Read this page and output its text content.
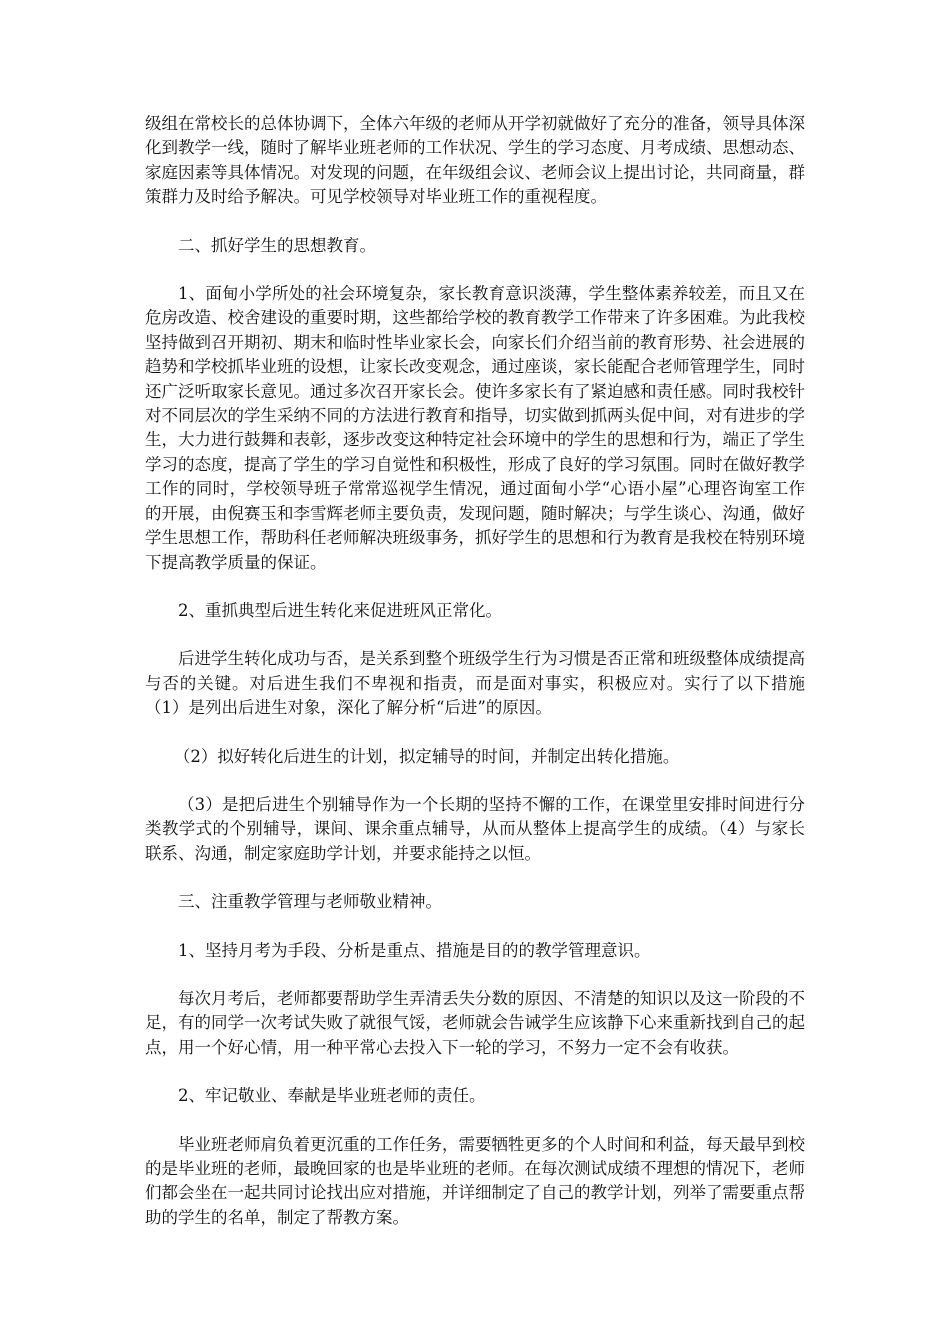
级组在常校长的总体协调下，全体六年级的老师从开学初就做好了充分的准备，领导具体深化到教学一线，随时了解毕业班老师的工作状况、学生的学习态度、月考成绩、思想动态、家庭因素等具体情况。对发现的问题，在年级组会议、老师会议上提出讨论，共同商量，群策群力及时给予解决。可见学校领导对毕业班工作的重视程度。

二、抓好学生的思想教育。

1、面甸小学所处的社会环境复杂，家长教育意识淡薄，学生整体素养较差，而且又在危房改造、校舍建设的重要时期，这些都给学校的教育教学工作带来了许多困难。为此我校坚持做到召开期初、期末和临时性毕业家长会，向家长们介绍当前的教育形势、社会进展的趋势和学校抓毕业班的设想，让家长改变观念，通过座谈，家长能配合老师管理学生，同时还广泛听取家长意见。通过多次召开家长会。使许多家长有了紧迫感和责任感。同时我校针对不同层次的学生采纳不同的方法进行教育和指导，切实做到抓两头促中间，对有进步的学生，大力进行鼓舞和表彰，逐步改变这种特定社会环境中的学生的思想和行为，端正了学生学习的态度，提高了学生的学习自觉性和积极性，形成了良好的学习氛围。同时在做好教学工作的同时，学校领导班子常常巡视学生情况，通过面甸小学“心语小屋”心理咨询室工作的开展，由倪赛玉和李雪辉老师主要负责，发现问题，随时解决；与学生谈心、沟通，做好学生思想工作，帮助科任老师解决班级事务，抓好学生的思想和行为教育是我校在特别环境下提高教学质量的保证。

2、重抓典型后进生转化来促进班风正常化。

后进学生转化成功与否，是关系到整个班级学生行为习惯是否正常和班级整体成绩提高与否的关键。对后进生我们不卑视和指责，而是面对事实，积极应对。实行了以下措施（1）是列出后进生对象，深化了解分析“后进”的原因。

（2）拟好转化后进生的计划，拟定辅导的时间，并制定出转化措施。

（3）是把后进生个别辅导作为一个长期的坚持不懈的工作，在课堂里安排时间进行分类教学式的个别辅导，课间、课余重点辅导，从而从整体上提高学生的成绩。（4）与家长联系、沟通，制定家庭助学计划，并要求能持之以恒。

三、注重教学管理与老师敬业精神。

1、坚持月考为手段、分析是重点、措施是目的的教学管理意识。

每次月考后，老师都要帮助学生弄清丢失分数的原因、不清楚的知识以及这一阶段的不足，有的同学一次考试失败了就很气馁，老师就会告诫学生应该静下心来重新找到自己的起点，用一个好心情，用一种平常心去投入下一轮的学习，不努力一定不会有收获。

2、牢记敬业、奉献是毕业班老师的责任。

毕业班老师肩负着更沉重的工作任务，需要牺牲更多的个人时间和利益，每天最早到校的是毕业班的老师，最晚回家的也是毕业班的老师。在每次测试成绩不理想的情况下，老师们都会坐在一起共同讨论找出应对措施，并详细制定了自己的教学计划，列举了需要重点帮助的学生的名单，制定了帮教方案。
